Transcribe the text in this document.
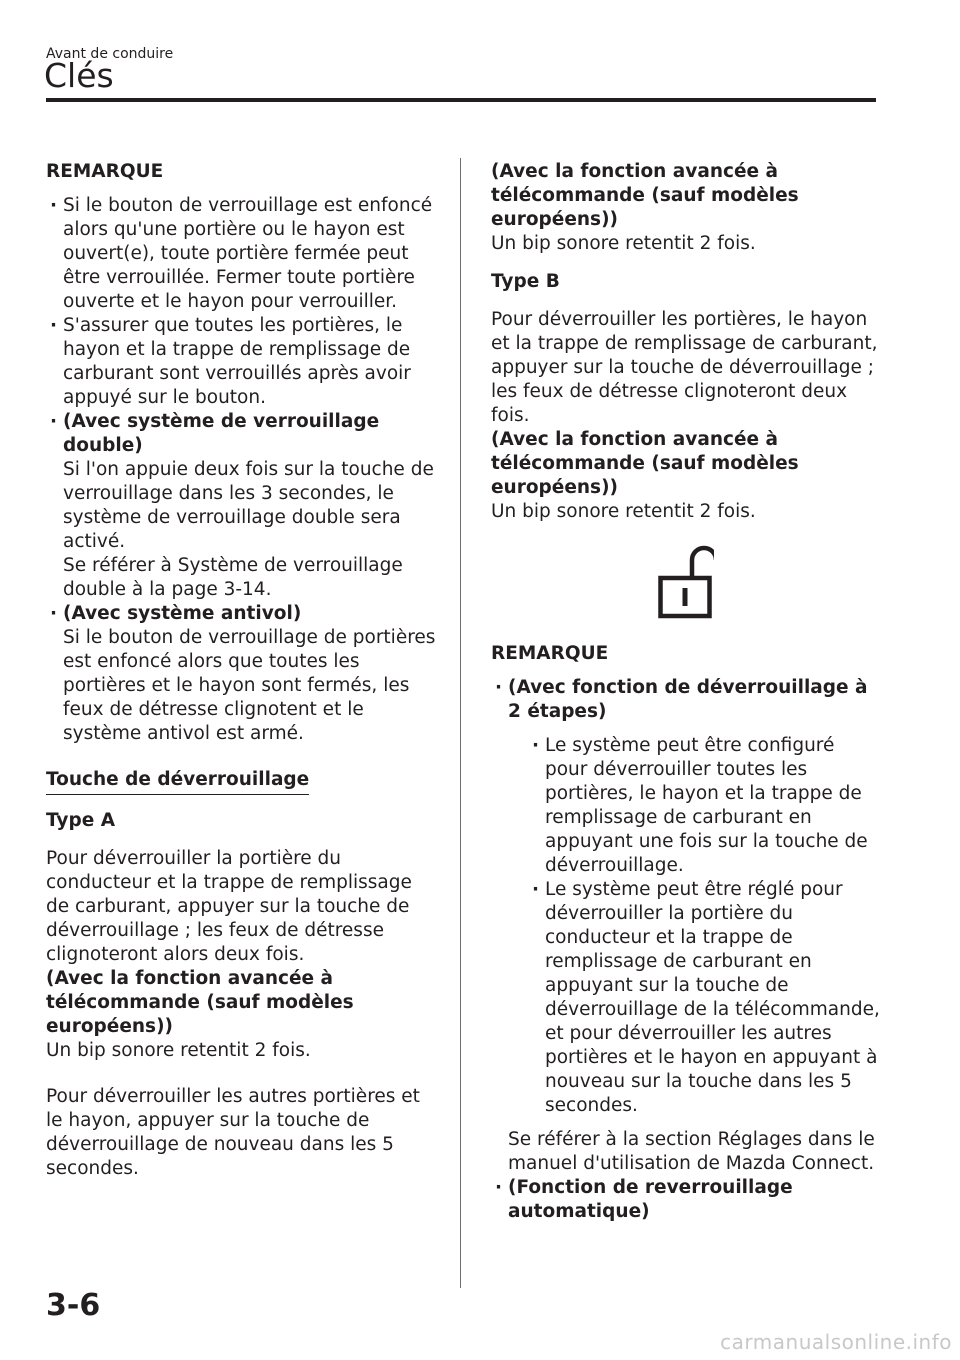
Avant de conduire
Clés
REMARQUE
· Si le bouton de verrouillage est enfoncé alors qu'une portière ou le hayon est ouvert(e), toute portière fermée peut être verrouillée. Fermer toute portière ouverte et le hayon pour verrouiller.
· S'assurer que toutes les portières, le hayon et la trappe de remplissage de carburant sont verrouillés après avoir appuyé sur le bouton.
· (Avec système de verrouillage double)
Si l'on appuie deux fois sur la touche de verrouillage dans les 3 secondes, le système de verrouillage double sera activé.
Se référer à Système de verrouillage double à la page 3-14.
· (Avec système antivol)
Si le bouton de verrouillage de portières est enfoncé alors que toutes les portières et le hayon sont fermés, les feux de détresse clignotent et le système antivol est armé.
Touche de déverrouillage
Type A
Pour déverrouiller la portière du conducteur et la trappe de remplissage de carburant, appuyer sur la touche de déverrouillage ; les feux de détresse clignoteront alors deux fois.
(Avec la fonction avancée à télécommande (sauf modèles européens))
Un bip sonore retentit 2 fois.
Pour déverrouiller les autres portières et le hayon, appuyer sur la touche de déverrouillage de nouveau dans les 5 secondes.
(Avec la fonction avancée à télécommande (sauf modèles européens))
Un bip sonore retentit 2 fois.
Type B
Pour déverrouiller les portières, le hayon et la trappe de remplissage de carburant, appuyer sur la touche de déverrouillage ; les feux de détresse clignoteront deux fois.
(Avec la fonction avancée à télécommande (sauf modèles européens))
Un bip sonore retentit 2 fois.
REMARQUE
· (Avec fonction de déverrouillage à 2 étapes)
· Le système peut être configuré pour déverrouiller toutes les portières, le hayon et la trappe de remplissage de carburant en appuyant une fois sur la touche de déverrouillage.
· Le système peut être réglé pour déverrouiller la portière du conducteur et la trappe de remplissage de carburant en appuyant sur la touche de déverrouillage de la télécommande, et pour déverrouiller les autres portières et le hayon en appuyant à nouveau sur la touche dans les 5 secondes.
Se référer à la section Réglages dans le manuel d'utilisation de Mazda Connect.
· (Fonction de reverrouillage automatique)
3-6
carmanualsonline.info
